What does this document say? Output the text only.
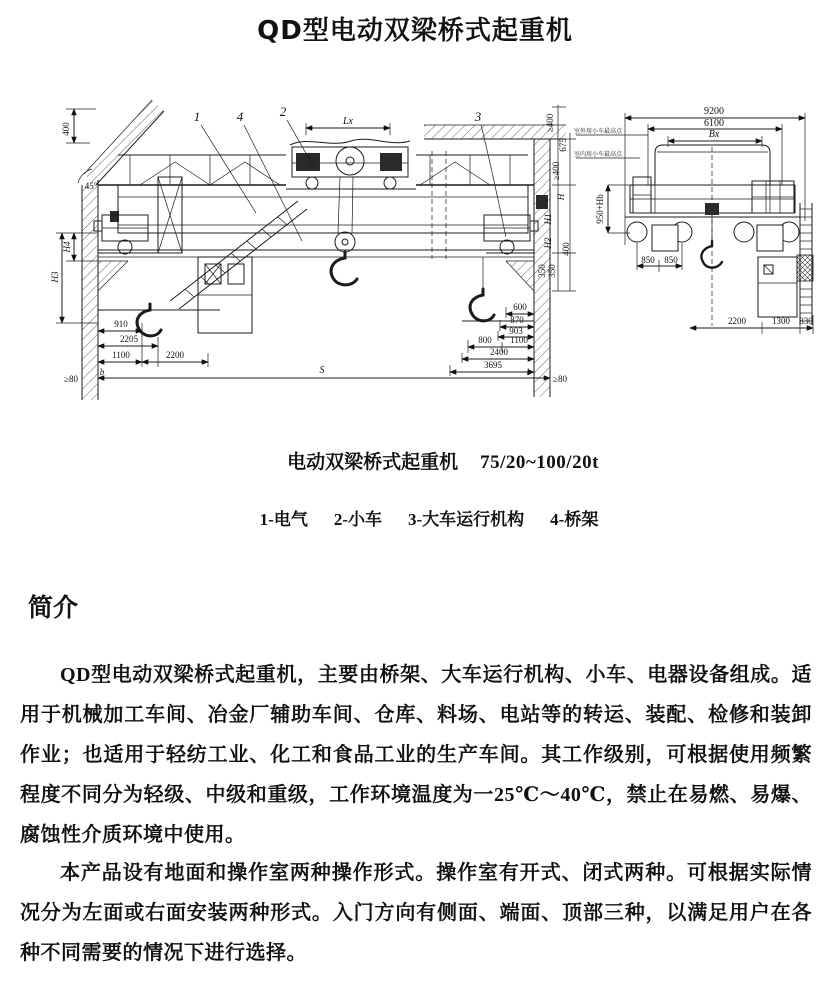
QD型电动双梁桥式起重机
400
45°
Lx
910
2205
1100	2200
600
870
903
800 1100
2400
3695
≥400
675
≥400
H
H1
H2 400
350 350
H4
H3
1	4	2	3
S
≥80
b	b
≥80
9200
6100
Bx
室外用小车最高点
室内用小车最高点
850 850
2200	1300 830
950+Hb
电动双梁桥式起重机 75/20~100/20t
1-电气 2-小车 3-大车运行机构 4-桥架
简介

QD型电动双梁桥式起重机，主要由桥架、大车运行机构、小车、电器设备组成。适用于机械加工车间、冶金厂辅助车间、仓库、料场、电站等的转运、装配、检修和装卸作业；也适用于轻纺工业、化工和食品工业的生产车间。其工作级别，可根据使用频繁程度不同分为轻级、中级和重级，工作环境温度为一25℃～40℃，禁止在易燃、易爆、腐蚀性介质环境中使用。

本产品设有地面和操作室两种操作形式。操作室有开式、闭式两种。可根据实际情况分为左面或右面安装两种形式。入门方向有侧面、端面、顶部三种，以满足用户在各种不同需要的情况下进行选择。
